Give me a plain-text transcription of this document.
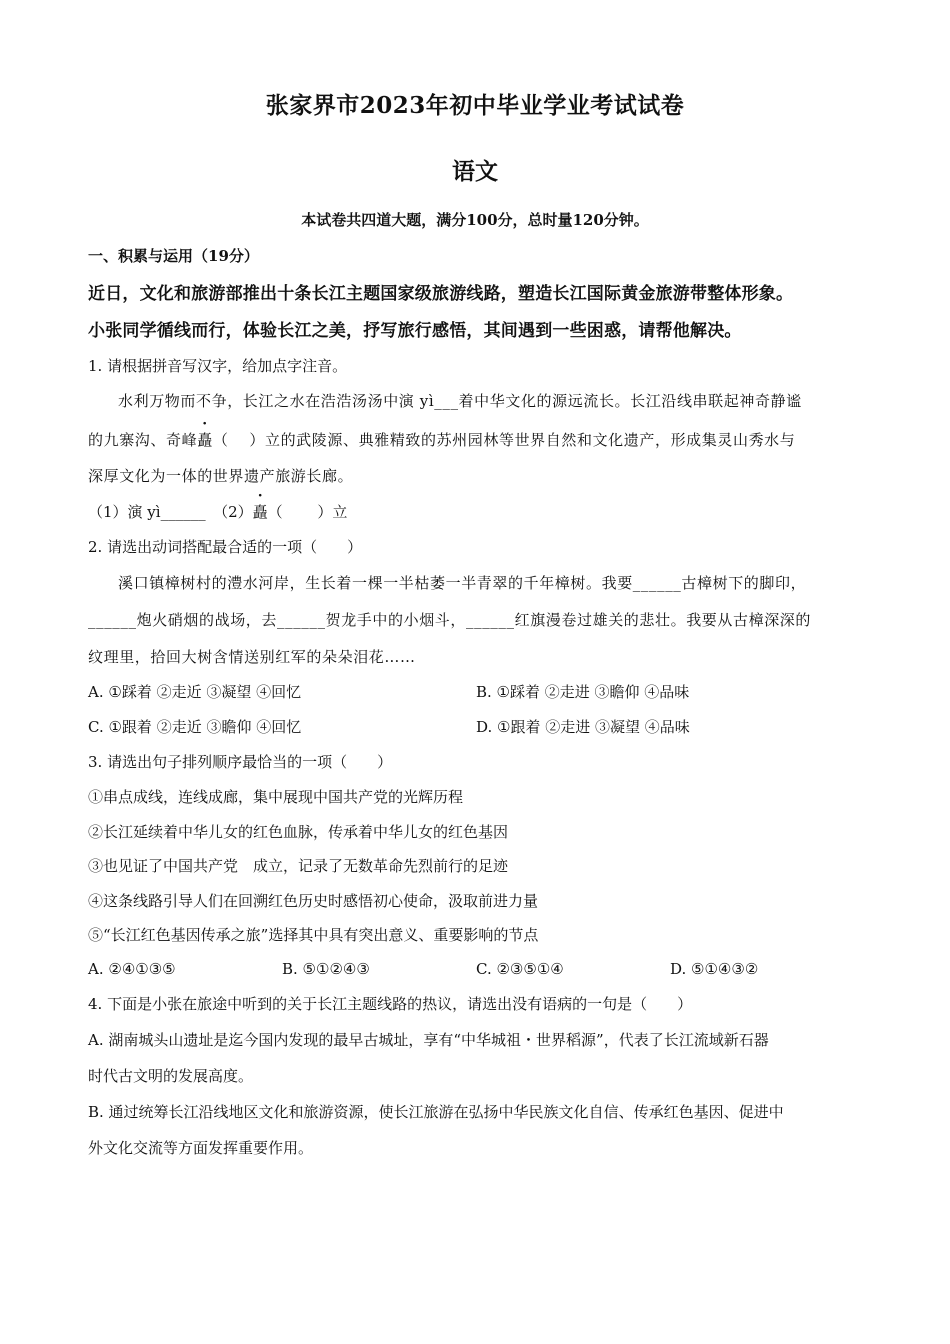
张家界市2023年初中毕业学业考试试卷
语文
本试卷共四道大题，满分100分，总时量120分钟。
一、积累与运用（19分）
近日，文化和旅游部推出十条长江主题国家级旅游线路，塑造长江国际黄金旅游带整体形象。
小张同学循线而行，体验长江之美，抒写旅行感悟，其间遇到一些困惑，请帮他解决。
1. 请根据拼音写汉字，给加点字注音。
水利万物而不争，长江之水在浩浩汤汤中演 yì___着中华文化的源远流长。长江沿线串联起神奇静谧
的九寨沟、奇峰矗（　 ）立的武陵源、典雅精致的苏州园林等世界自然和文化遗产，形成集灵山秀水与
深厚文化为一体的世界遗产旅游长廊。
（1）演 yì______　（2）矗（　　 ）立
2. 请选出动词搭配最合适的一项（　　）
溪口镇樟树村的澧水河岸，生长着一棵一半枯萎一半青翠的千年樟树。我要______古樟树下的脚印，
______炮火硝烟的战场，去______贺龙手中的小烟斗，______红旗漫卷过雄关的悲壮。我要从古樟深深的
纹理里，拾回大树含情送别红军的朵朵泪花……
A. ①踩着 ②走近 ③凝望 ④回忆	B. ①踩着 ②走进 ③瞻仰 ④品味
C. ①跟着 ②走近 ③瞻仰 ④回忆	D. ①跟着 ②走进 ③凝望 ④品味
3. 请选出句子排列顺序最恰当的一项（　　）
①串点成线，连线成廊，集中展现中国共产党的光辉历程
②长江延续着中华儿女的红色血脉，传承着中华儿女的红色基因
③也见证了中国共产党　成立，记录了无数革命先烈前行的足迹
④这条线路引导人们在回溯红色历史时感悟初心使命，汲取前进力量
⑤“长江红色基因传承之旅”选择其中具有突出意义、重要影响的节点
A. ②④①③⑤	B. ⑤①②④③	C. ②③⑤①④	D. ⑤①④③②
4. 下面是小张在旅途中听到的关于长江主题线路的热议，请选出没有语病的一句是（　　）
A. 湖南城头山遗址是迄今国内发现的最早古城址，享有“中华城祖・世界稻源”，代表了长江流域新石器
时代古文明的发展高度。
B. 通过统筹长江沿线地区文化和旅游资源，使长江旅游在弘扬中华民族文化自信、传承红色基因、促进中
外文化交流等方面发挥重要作用。
